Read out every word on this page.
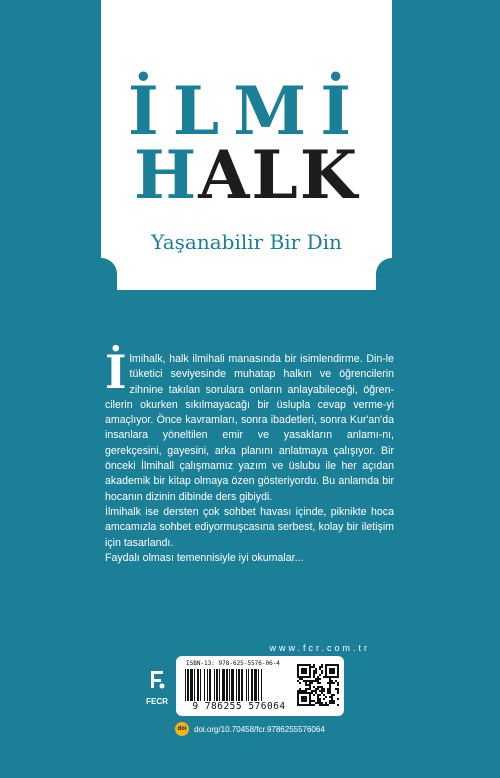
İLMİ
HALK
Yaşanabilir Bir Din
İ lmihalk, halk ilmihali manasında bir isimlendirme. Din-le tüketici seviyesinde muhatap halkın ve öğrencilerin zihnine takılan sorulara onların anlayabileceği, öğren-cilerin okurken sıkılmayacağı bir üslupla cevap verme-yi amaçlıyor. Önce kavramları, sonra ibadetleri, sonra Kur'an'da insanlara yöneltilen emir ve yasakların anlamı-nı, gerekçesini, gayesini, arka planını anlatmaya çalışıyor. Bir önceki İlmihall çalışmamız yazım ve üslubu ile her açıdan akademik bir kitap olmaya özen gösteriyordu. Bu anlamda bir hocanın dizinin dibinde ders gibiydi.

İlmihalk ise dersten çok sohbet havası içinde, piknikte hoca amcamızla sohbet ediyormuşcasına serbest, kolay bir iletişim için tasarlandı.

Faydalı olması temennisiyle iyi okumalar...

www.fcr.com.tr
FECR
ISBN-13: 978-625-5576-06-4
9 786255 576064
doi doi.org/10.70458/fcr.9786255576064
